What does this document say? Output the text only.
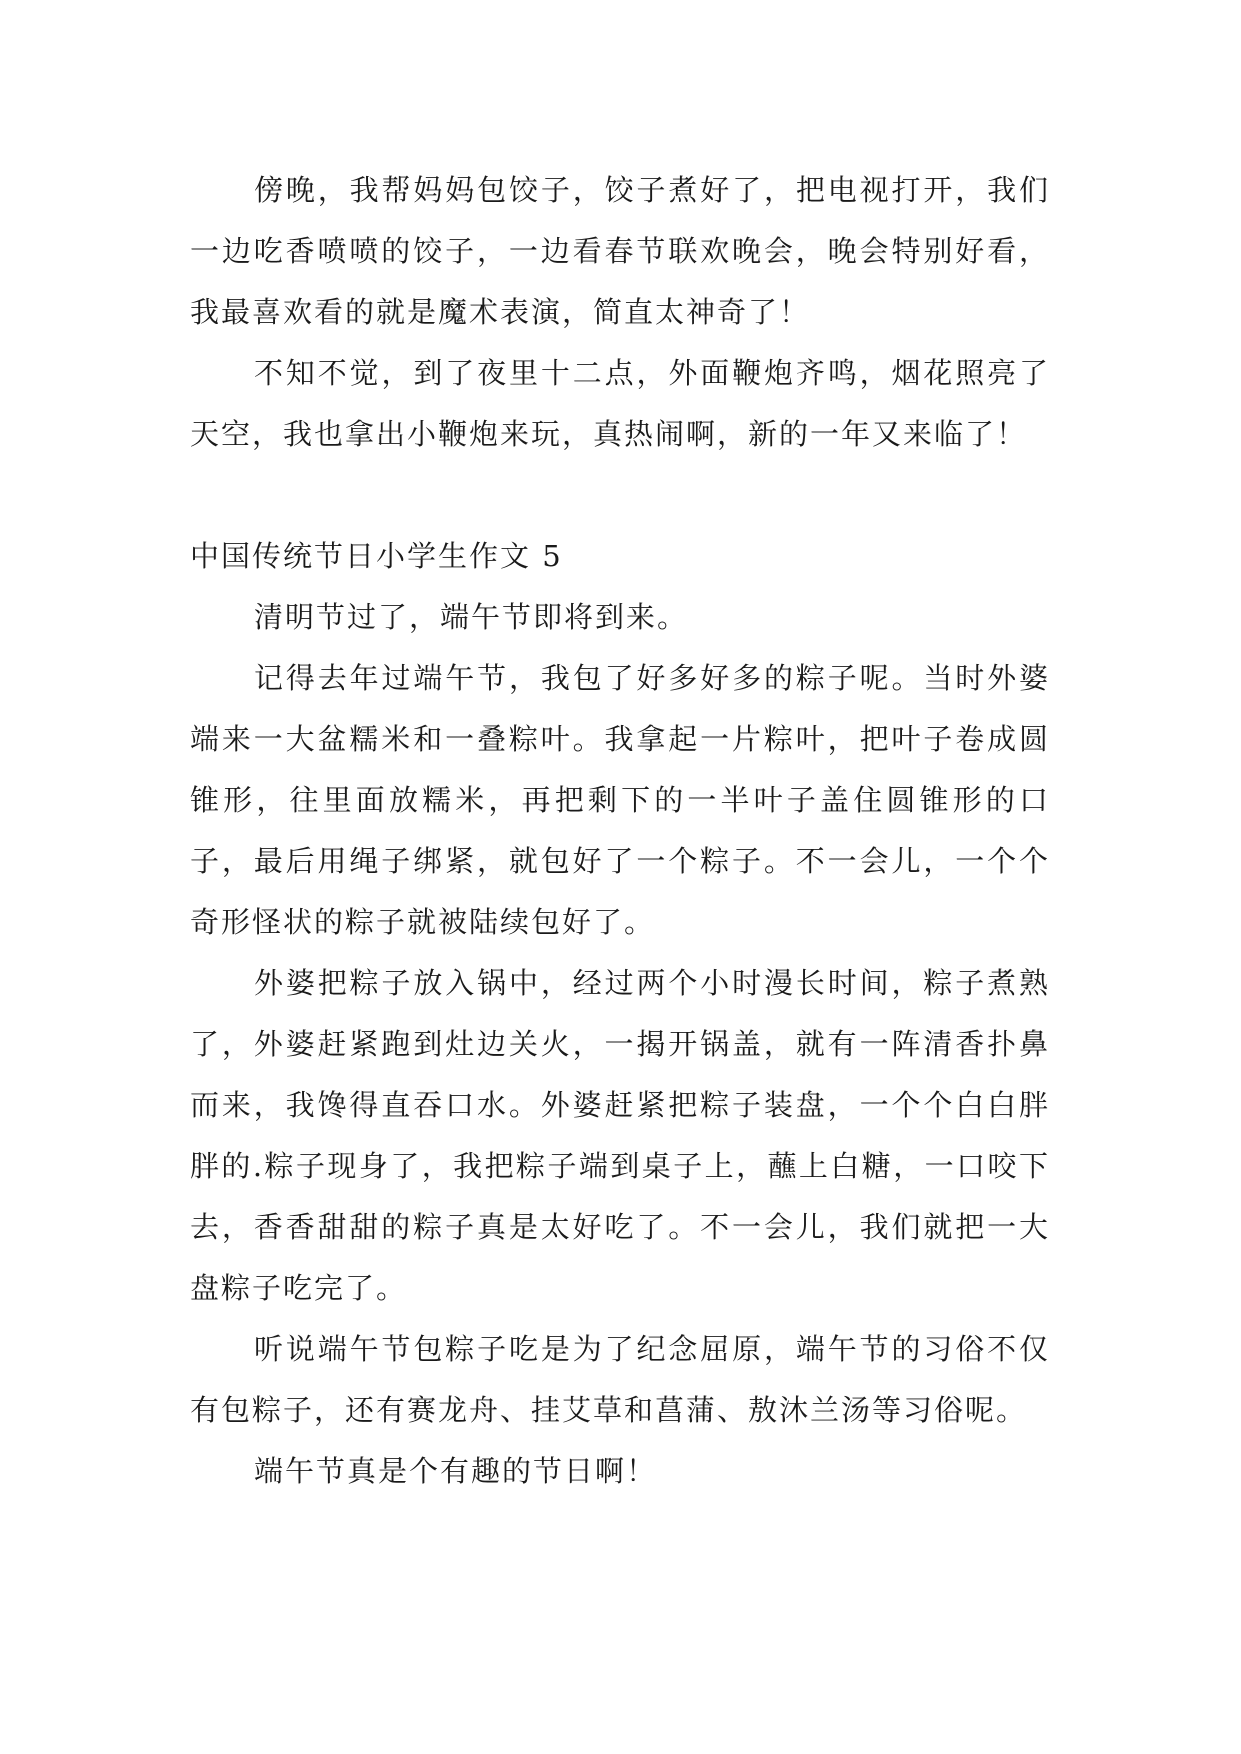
傍晚，我帮妈妈包饺子，饺子煮好了，把电视打开，我们一边吃香喷喷的饺子，一边看春节联欢晚会，晚会特别好看，我最喜欢看的就是魔术表演，简直太神奇了！

不知不觉，到了夜里十二点，外面鞭炮齐鸣，烟花照亮了天空，我也拿出小鞭炮来玩，真热闹啊，新的一年又来临了！

中国传统节日小学生作文 5

清明节过了，端午节即将到来。

记得去年过端午节，我包了好多好多的粽子呢。当时外婆端来一大盆糯米和一叠粽叶。我拿起一片粽叶，把叶子卷成圆锥形，往里面放糯米，再把剩下的一半叶子盖住圆锥形的口子，最后用绳子绑紧，就包好了一个粽子。不一会儿，一个个奇形怪状的粽子就被陆续包好了。

外婆把粽子放入锅中，经过两个小时漫长时间，粽子煮熟了，外婆赶紧跑到灶边关火，一揭开锅盖，就有一阵清香扑鼻而来，我馋得直吞口水。外婆赶紧把粽子装盘，一个个白白胖胖的.粽子现身了，我把粽子端到桌子上，蘸上白糖，一口咬下去，香香甜甜的粽子真是太好吃了。不一会儿，我们就把一大盘粽子吃完了。

听说端午节包粽子吃是为了纪念屈原，端午节的习俗不仅有包粽子，还有赛龙舟、挂艾草和菖蒲、敖沐兰汤等习俗呢。

端午节真是个有趣的节日啊！
